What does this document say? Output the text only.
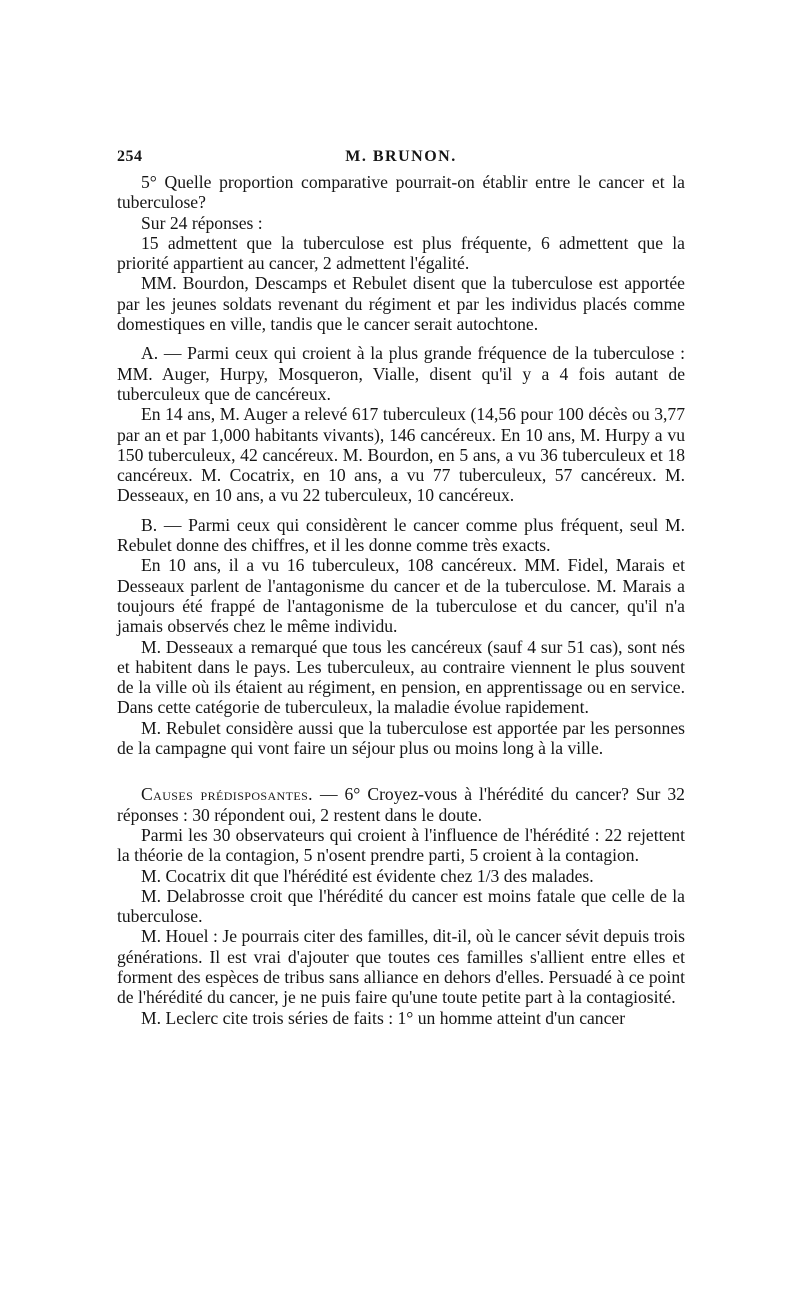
254	M. BRUNON.

5° Quelle proportion comparative pourrait-on établir entre le cancer et la tuberculose?

Sur 24 réponses :

15 admettent que la tuberculose est plus fréquente, 6 admettent que la priorité appartient au cancer, 2 admettent l'égalité.

MM. Bourdon, Descamps et Rebulet disent que la tuberculose est apportée par les jeunes soldats revenant du régiment et par les individus placés comme domestiques en ville, tandis que le cancer serait autochtone.

A. — Parmi ceux qui croient à la plus grande fréquence de la tuberculose : MM. Auger, Hurpy, Mosqueron, Vialle, disent qu'il y a 4 fois autant de tuberculeux que de cancéreux.

En 14 ans, M. Auger a relevé 617 tuberculeux (14,56 pour 100 décès ou 3,77 par an et par 1,000 habitants vivants), 146 cancéreux. En 10 ans, M. Hurpy a vu 150 tuberculeux, 42 cancéreux. M. Bourdon, en 5 ans, a vu 36 tuberculeux et 18 cancéreux. M. Cocatrix, en 10 ans, a vu 77 tuberculeux, 57 cancéreux. M. Desseaux, en 10 ans, a vu 22 tuberculeux, 10 cancéreux.

B. — Parmi ceux qui considèrent le cancer comme plus fréquent, seul M. Rebulet donne des chiffres, et il les donne comme très exacts.

En 10 ans, il a vu 16 tuberculeux, 108 cancéreux. MM. Fidel, Marais et Desseaux parlent de l'antagonisme du cancer et de la tuberculose. M. Marais a toujours été frappé de l'antagonisme de la tuberculose et du cancer, qu'il n'a jamais observés chez le même individu.

M. Desseaux a remarqué que tous les cancéreux (sauf 4 sur 51 cas), sont nés et habitent dans le pays. Les tuberculeux, au contraire viennent le plus souvent de la ville où ils étaient au régiment, en pension, en apprentissage ou en service. Dans cette catégorie de tuberculeux, la maladie évolue rapidement.

M. Rebulet considère aussi que la tuberculose est apportée par les personnes de la campagne qui vont faire un séjour plus ou moins long à la ville.

Causes prédisposantes. — 6° Croyez-vous à l'hérédité du cancer? Sur 32 réponses : 30 répondent oui, 2 restent dans le doute.

Parmi les 30 observateurs qui croient à l'influence de l'hérédité : 22 rejettent la théorie de la contagion, 5 n'osent prendre parti, 5 croient à la contagion.

M. Cocatrix dit que l'hérédité est évidente chez 1/3 des malades.

M. Delabrosse croit que l'hérédité du cancer est moins fatale que celle de la tuberculose.

M. Houel : Je pourrais citer des familles, dit-il, où le cancer sévit depuis trois générations. Il est vrai d'ajouter que toutes ces familles s'allient entre elles et forment des espèces de tribus sans alliance en dehors d'elles. Persuadé à ce point de l'hérédité du cancer, je ne puis faire qu'une toute petite part à la contagiosité.

M. Leclerc cite trois séries de faits : 1° un homme atteint d'un cancer
